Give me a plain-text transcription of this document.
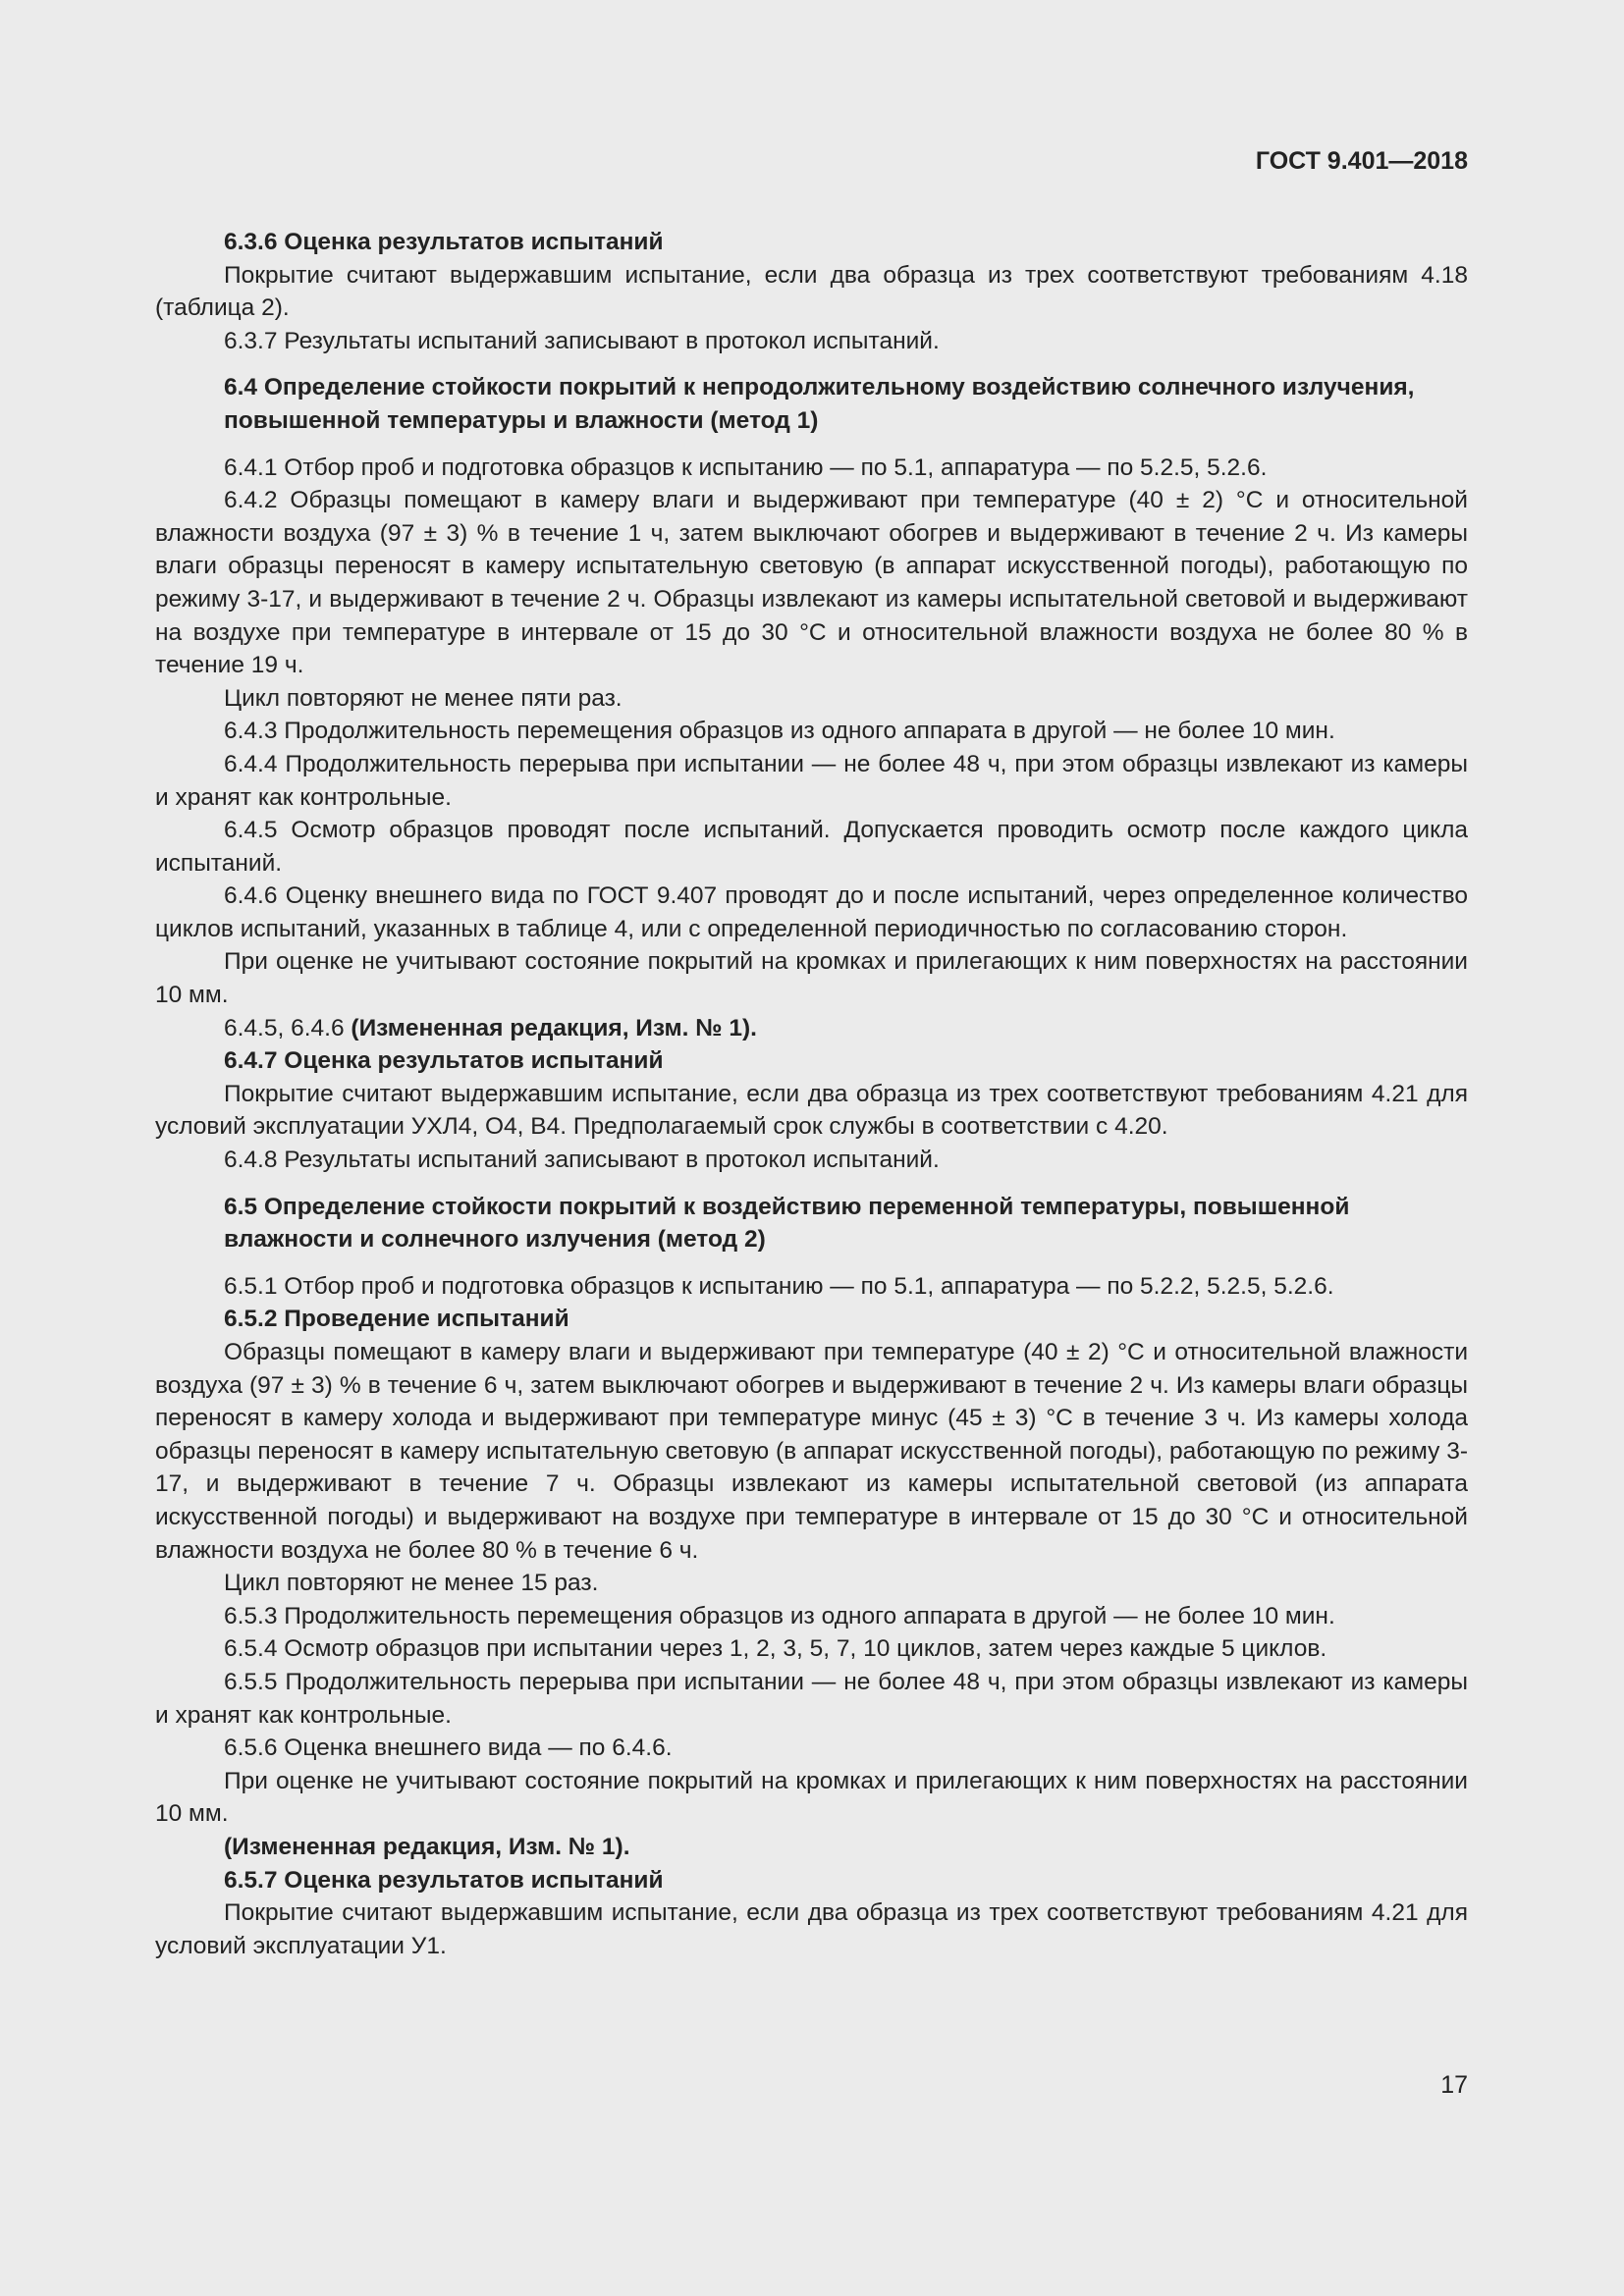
ГОСТ 9.401—2018

6.3.6 Оценка результатов испытаний

Покрытие считают выдержавшим испытание, если два образца из трех соответствуют требованиям 4.18 (таблица 2).

6.3.7 Результаты испытаний записывают в протокол испытаний.

6.4 Определение стойкости покрытий к непродолжительному воздействию солнечного излучения, повышенной температуры и влажности (метод 1)

6.4.1 Отбор проб и подготовка образцов к испытанию — по 5.1, аппаратура — по 5.2.5, 5.2.6.

6.4.2 Образцы помещают в камеру влаги и выдерживают при температуре (40 ± 2) °С и относительной влажности воздуха (97 ± 3) % в течение 1 ч, затем выключают обогрев и выдерживают в течение 2 ч. Из камеры влаги образцы переносят в камеру испытательную световую (в аппарат искусственной погоды), работающую по режиму 3-17, и выдерживают в течение 2 ч. Образцы извлекают из камеры испытательной световой и выдерживают на воздухе при температуре в интервале от 15 до 30 °С и относительной влажности воздуха не более 80 % в течение 19 ч.

Цикл повторяют не менее пяти раз.

6.4.3 Продолжительность перемещения образцов из одного аппарата в другой — не более 10 мин.

6.4.4 Продолжительность перерыва при испытании — не более 48 ч, при этом образцы извлекают из камеры и хранят как контрольные.

6.4.5 Осмотр образцов проводят после испытаний. Допускается проводить осмотр после каждого цикла испытаний.

6.4.6 Оценку внешнего вида по ГОСТ 9.407 проводят до и после испытаний, через определенное количество циклов испытаний, указанных в таблице 4, или с определенной периодичностью по согласованию сторон.

При оценке не учитывают состояние покрытий на кромках и прилегающих к ним поверхностях на расстоянии 10 мм.

6.4.5, 6.4.6 (Измененная редакция, Изм. № 1).

6.4.7 Оценка результатов испытаний

Покрытие считают выдержавшим испытание, если два образца из трех соответствуют требованиям 4.21 для условий эксплуатации УХЛ4, О4, В4. Предполагаемый срок службы в соответствии с 4.20.

6.4.8 Результаты испытаний записывают в протокол испытаний.

6.5 Определение стойкости покрытий к воздействию переменной температуры, повышенной влажности и солнечного излучения (метод 2)

6.5.1 Отбор проб и подготовка образцов к испытанию — по 5.1, аппаратура — по 5.2.2, 5.2.5, 5.2.6.

6.5.2 Проведение испытаний

Образцы помещают в камеру влаги и выдерживают при температуре (40 ± 2) °С и относительной влажности воздуха (97 ± 3) % в течение 6 ч, затем выключают обогрев и выдерживают в течение 2 ч. Из камеры влаги образцы переносят в камеру холода и выдерживают при температуре минус (45 ± 3) °С в течение 3 ч. Из камеры холода образцы переносят в камеру испытательную световую (в аппарат искусственной погоды), работающую по режиму 3-17, и выдерживают в течение 7 ч. Образцы извлекают из камеры испытательной световой (из аппарата искусственной погоды) и выдерживают на воздухе при температуре в интервале от 15 до 30 °С и относительной влажности воздуха не более 80 % в течение 6 ч.

Цикл повторяют не менее 15 раз.

6.5.3 Продолжительность перемещения образцов из одного аппарата в другой — не более 10 мин.

6.5.4 Осмотр образцов при испытании через 1, 2, 3, 5, 7, 10 циклов, затем через каждые 5 циклов.

6.5.5 Продолжительность перерыва при испытании — не более 48 ч, при этом образцы извлекают из камеры и хранят как контрольные.

6.5.6 Оценка внешнего вида — по 6.4.6.

При оценке не учитывают состояние покрытий на кромках и прилегающих к ним поверхностях на расстоянии 10 мм.

(Измененная редакция, Изм. № 1).

6.5.7 Оценка результатов испытаний

Покрытие считают выдержавшим испытание, если два образца из трех соответствуют требованиям 4.21 для условий эксплуатации У1.

17
